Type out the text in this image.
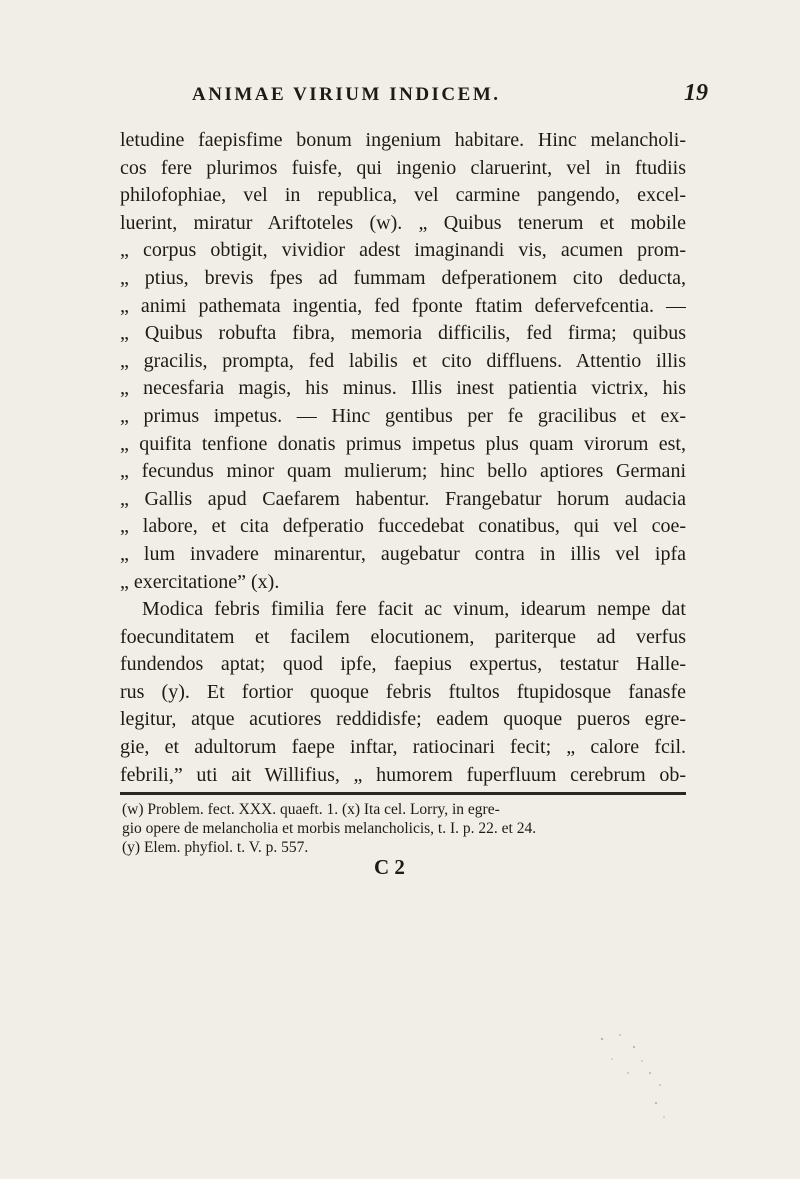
ANIMAE VIRIUM INDICEM.	19
letudine faepisfime bonum ingenium habitare. Hinc melancholi-
cos fere plurimos fuisfe, qui ingenio claruerint, vel in ftudiis
philofophiae, vel in republica, vel carmine pangendo, excel-
luerint, miratur Ariftoteles (w). „ Quibus tenerum et mobile
„ corpus obtigit, vividior adest imaginandi vis, acumen prom-
„ ptius, brevis fpes ad fummam defperationem cito deducta,
„ animi pathemata ingentia, fed fponte ftatim defervefcentia. —
„ Quibus robufta fibra, memoria difficilis, fed firma; quibus
„ gracilis, prompta, fed labilis et cito diffluens. Attentio illis
„ necesfaria magis, his minus. Illis inest patientia victrix, his
„ primus impetus. — Hinc gentibus per fe gracilibus et ex-
„ quifita tenfione donatis primus impetus plus quam virorum est,
„ fecundus minor quam mulierum; hinc bello aptiores Germani
„ Gallis apud Caefarem habentur. Frangebatur horum audacia
„ labore, et cita defperatio fuccedebat conatibus, qui vel coe-
„ lum invadere minarentur, augebatur contra in illis vel ipfa
„ exercitatione” (x).
Modica febris fimilia fere facit ac vinum, idearum nempe dat
foecunditatem et facilem elocutionem, pariterque ad verfus
fundendos aptat; quod ipfe, faepius expertus, testatur Halle-
rus (y). Et fortior quoque febris ftultos ftupidosque fanasfe
legitur, atque acutiores reddidisfe; eadem quoque pueros egre-
gie, et adultorum faepe inftar, ratiocinari fecit; „ calore fcil.
febrili,” uti ait Willifius, „ humorem fuperfluum cerebrum ob-
(w) Problem. fect. XXX. quaeft. 1. (x) Ita cel. Lorry, in egre-
gio opere de melancholia et morbis melancholicis, t. I. p. 22. et 24.
(y) Elem. phyfiol. t. V. p. 557.
C 2
